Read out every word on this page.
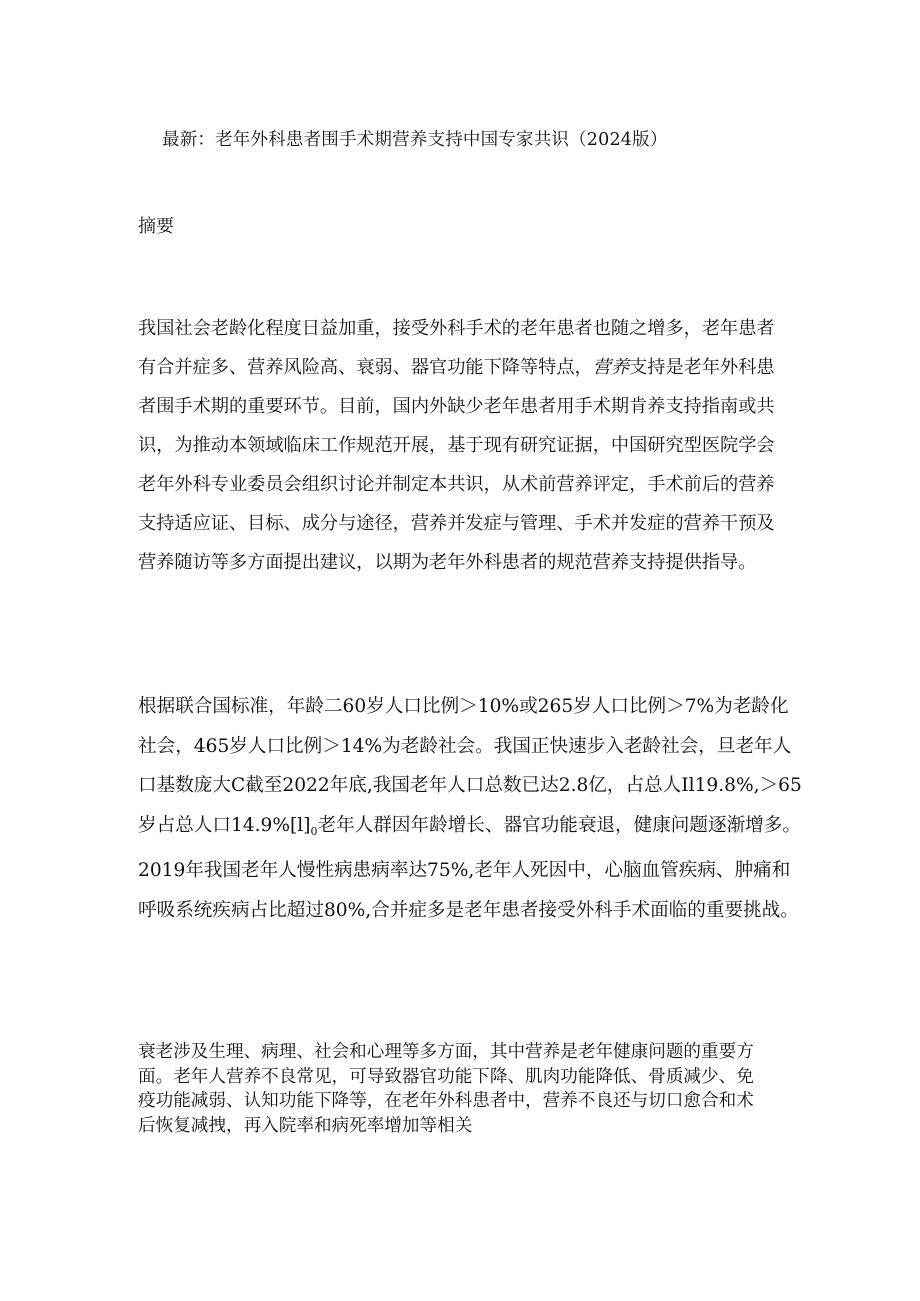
最新：老年外科患者围手术期营养支持中国专家共识（2024版）
摘要
我国社会老龄化程度日益加重，接受外科手术的老年患者也随之增多，老年患者
有合并症多、营养风险高、衰弱、器官功能下降等特点，营养支持是老年外科患
者围手术期的重要环节。目前，国内外缺少老年患者用手术期肯养支持指南或共
识，为推动本领域临床工作规范开展，基于现有研究证据，中国研究型医院学会
老年外科专业委员会组织讨论并制定本共识，从术前营养评定，手术前后的营养
支持适应证、目标、成分与途径，营养并发症与管理、手术并发症的营养干预及
营养随访等多方面提出建议，以期为老年外科患者的规范营养支持提供指导。
根据联合国标准，年龄二60岁人口比例＞10%或265岁人口比例＞7%为老龄化
社会，465岁人口比例＞14%为老龄社会。我国正快速步入老龄社会，旦老年人
口基数庞大C截至2022年底,我国老年人口总数已达2.8亿，占总人Il19.8%,＞65
岁占总人口$14.9\%[l]_0$老年人群因年龄增长、器官功能衰退，健康问题逐渐增多。
2019年我国老年人慢性病患病率达75%,老年人死因中，心脑血管疾病、肿痛和
呼吸系统疾病占比超过80%,合并症多是老年患者接受外科手术面临的重要挑战。
衰老涉及生理、病理、社会和心理等多方面，其中营养是老年健康问题的重要方
面。老年人营养不良常见，可导致器官功能下降、肌肉功能降低、骨质减少、免
疫功能减弱、认知功能下降等，在老年外科患者中，营养不良还与切口愈合和术
后恢复减拽，再入院率和病死率增加等相关
